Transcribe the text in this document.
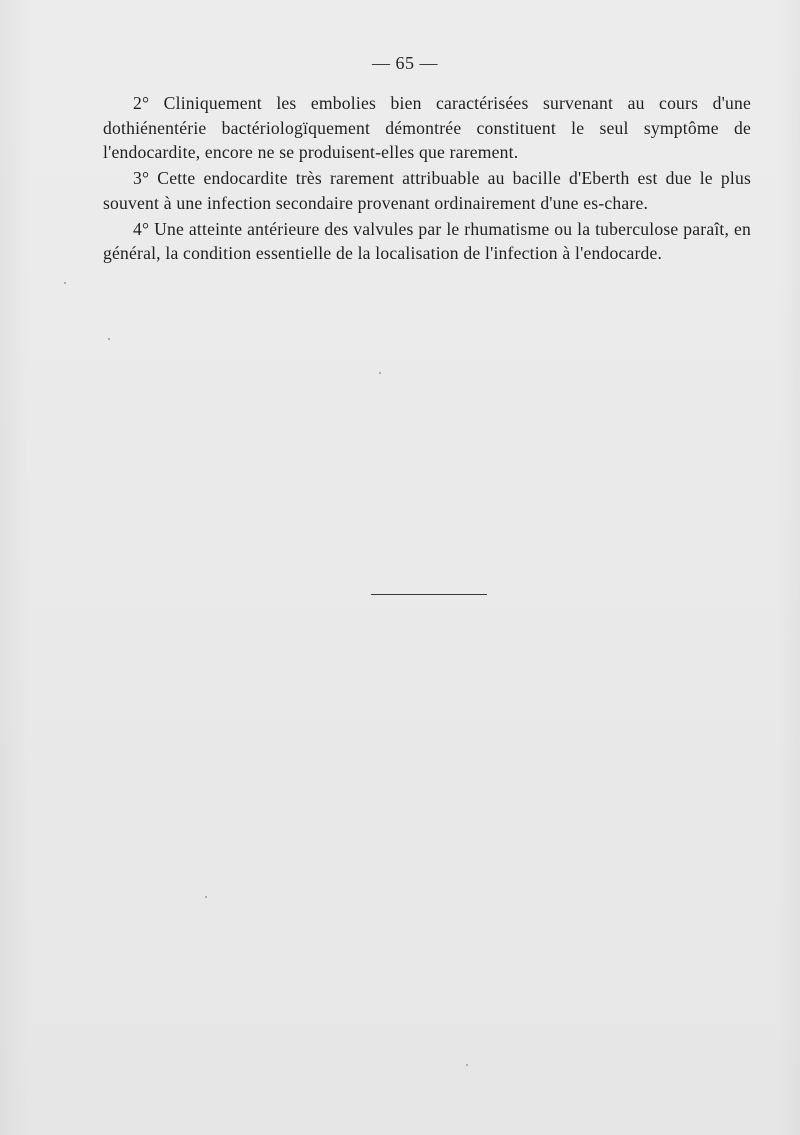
— 65 —

2° Cliniquement les embolies bien caractérisées survenant au cours d'une dothiénentérie bactériologïquement démontrée constituent le seul symptôme de l'endocardite, encore ne se produisent-elles que rarement.

3° Cette endocardite très rarement attribuable au bacille d'Eberth est due le plus souvent à une infection secondaire provenant ordinairement d'une es-chare.

4° Une atteinte antérieure des valvules par le rhumatisme ou la tuberculose paraît, en général, la condition essentielle de la localisation de l'infection à l'endocarde.
